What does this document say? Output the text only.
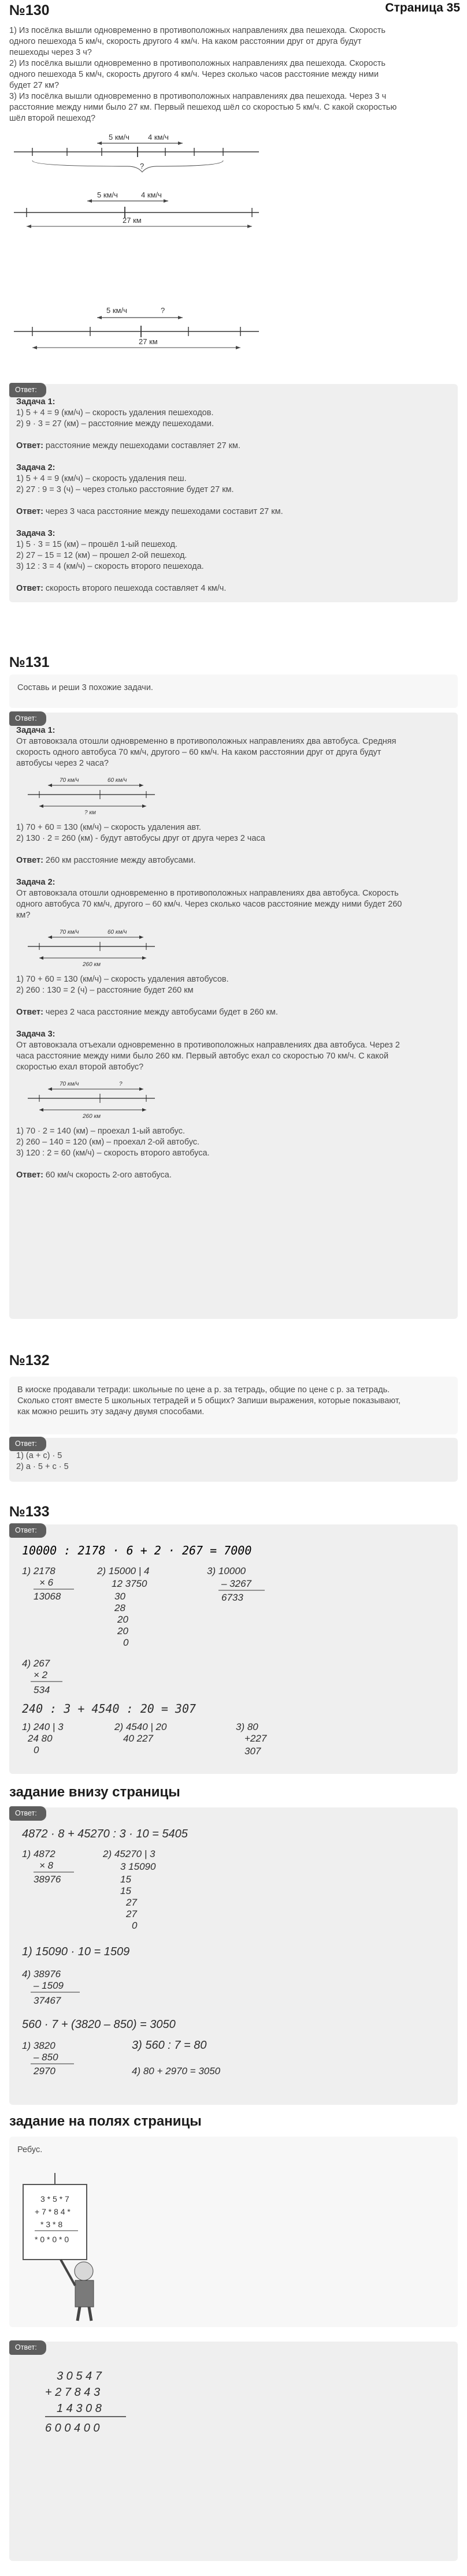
Страница 35
№130
1) Из посёлка вышли одновременно в противоположных направлениях два пешехода. Скорость
одного пешехода 5 км/ч, скорость другого 4 км/ч. На каком расстоянии друг от друга будут
пешеходы через 3 ч?
2) Из посёлка вышли одновременно в противоположных направлениях два пешехода. Скорость
одного пешехода 5 км/ч, скорость другого 4 км/ч. Через сколько часов расстояние между ними
будет 27 км?
3) Из посёлка вышли одновременно в противоположных направлениях два пешехода. Через 3 ч
расстояние между ними было 27 км. Первый пешеход шёл со скоростью 5 км/ч. С какой скоростью
шёл второй пешеход?
5 км/ч 4 км/ч
?
5 км/ч	4 км/ч
27 км
5 км/ч	?
27 км
Ответ:
Задача 1:
1) 5 + 4 = 9 (км/ч) – скорость удаления пешеходов.
2) 9 · 3 = 27 (км) – расстояние между пешеходами.
Ответ: расстояние между пешеходами составляет 27 км.
Задача 2:
1) 5 + 4 = 9 (км/ч) – скорость удаления пеш.
2) 27 : 9 = 3 (ч) – через столько расстояние будет 27 км.
Ответ: через 3 часа расстояние между пешеходами составит 27 км.
Задача 3:
1) 5 · 3 = 15 (км) – прошёл 1-ый пешеход.
2) 27 – 15 = 12 (км) – прошел 2-ой пешеход.
3) 12 : 3 = 4 (км/ч) – скорость второго пешехода.
Ответ: скорость второго пешехода составляет 4 км/ч.
№131
Составь и реши 3 похожие задачи.
Ответ:
Задача 1:
От автовокзала отошли одновременно в противоположных направлениях два автобуса. Средняя
скорость одного автобуса 70 км/ч, другого – 60 км/ч. На каком расстоянии друг от друга будут
автобусы через 2 часа?
70 км/ч	60 км/ч
? км
1) 70 + 60 = 130 (км/ч) – скорость удаления авт.
2) 130 · 2 = 260 (км) - будут автобусы друг от друга через 2 часа
Ответ: 260 км расстояние между автобусами.
Задача 2:
От автовокзала отошли одновременно в противоположных направлениях два автобуса. Скорость
одного автобуса 70 км/ч, другого – 60 км/ч. Через сколько часов расстояние между ними будет 260
км?
70 км/ч	60 км/ч
260 км
1) 70 + 60 = 130 (км/ч) – скорость удаления автобусов.
2) 260 : 130 = 2 (ч) – расстояние будет 260 км
Ответ: через 2 часа расстояние между автобусами будет в 260 км.
Задача 3:
От автовокзала отъехали одновременно в противоположных направлениях два автобуса. Через 2
часа расстояние между ними было 260 км. Первый автобус ехал со скоростью 70 км/ч. С какой
скоростью ехал второй автобус?
70 км/ч	?
260 км
1) 70 · 2 = 140 (км) – проехал 1-ый автобус.
2) 260 – 140 = 120 (км) – проехал 2-ой автобус.
3) 120 : 2 = 60 (км/ч) – скорость второго автобуса.
Ответ: 60 км/ч скорость 2-ого автобуса.
№132
В киоске продавали тетради: школьные по цене a р. за тетрадь, общие по цене c р. за тетрадь.
Сколько стоят вместе 5 школьных тетрадей и 5 общих? Запиши выражения, которые показывают,
как можно решить эту задачу двумя способами.
Ответ:
1) (a + c) · 5
2) a · 5 + c · 5
№133
Ответ:
10000 : 2178 · 6 + 2 · 267 = 7000
1) 2178
× 6
13068
2) 15000 | 4
12 3750
30
28
20
20
0
3) 10000
– 3267
6733
4) 267
× 2
534
240 : 3 + 4540 : 20 = 307
1) 240 | 3
24 80
0
2) 4540 | 20
40 227
3) 80
+227
307
задание внизу страницы
Ответ:
4872 · 8 + 45270 : 3 · 10 = 5405
1) 4872
× 8
38976
2) 45270 | 3
3 15090
15
15
27
27
0
1) 15090 · 10 = 1509
4) 38976
– 1509
37467
560 · 7 + (3820 – 850) = 3050
1) 3820
– 850
2970
3) 560 : 7 = 80
4) 80 + 2970 = 3050
задание на полях страницы
Ребус.
3 * 5 * 7
+ 7 * 8 4 *
* 3 * 8
* 0 * 0 * 0
Ответ:
3 0 5 4 7
+ 2 7 8 4 3
1 4 3 0 8
6 0 0 4 0 0
